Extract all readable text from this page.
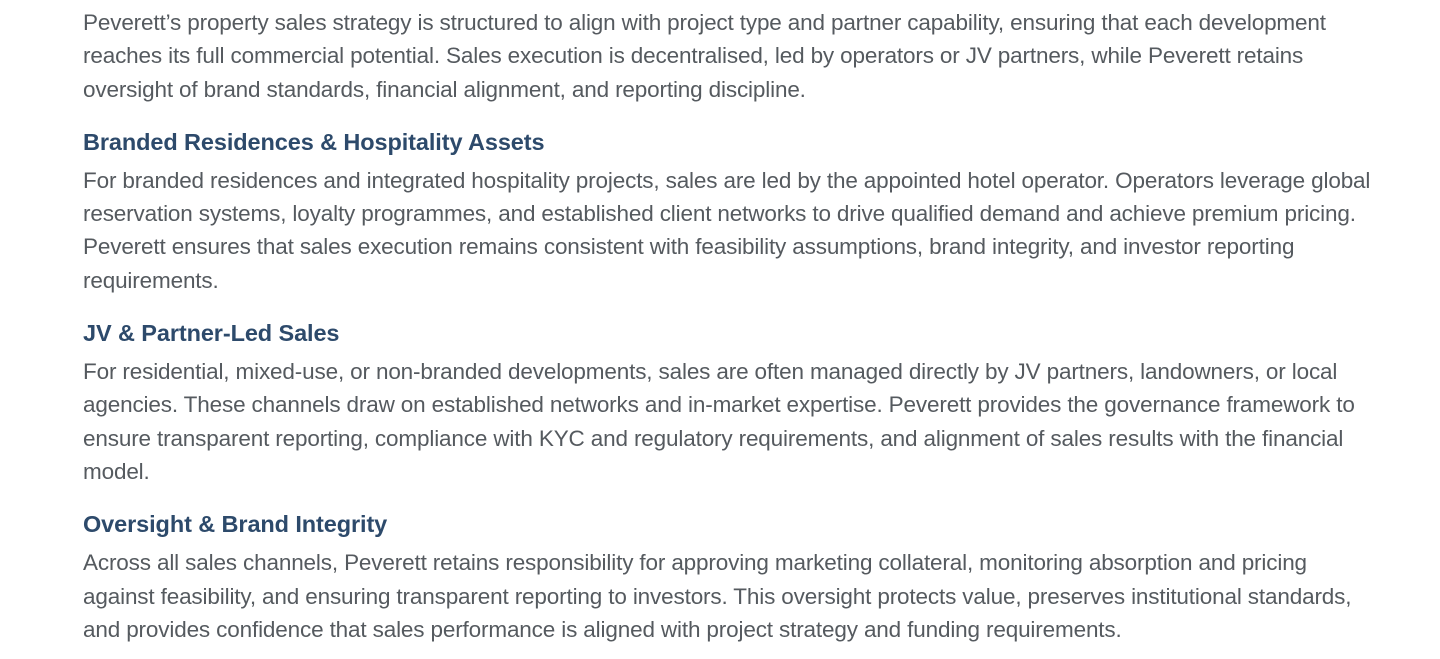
Peverett’s property sales strategy is structured to align with project type and partner capability, ensuring that each development reaches its full commercial potential. Sales execution is decentralised, led by operators or JV partners, while Peverett retains oversight of brand standards, financial alignment, and reporting discipline.

Branded Residences & Hospitality Assets

For branded residences and integrated hospitality projects, sales are led by the appointed hotel operator. Operators leverage global reservation systems, loyalty programmes, and established client networks to drive qualified demand and achieve premium pricing. Peverett ensures that sales execution remains consistent with feasibility assumptions, brand integrity, and investor reporting requirements.

JV & Partner-Led Sales

For residential, mixed-use, or non-branded developments, sales are often managed directly by JV partners, landowners, or local agencies. These channels draw on established networks and in-market expertise. Peverett provides the governance framework to ensure transparent reporting, compliance with KYC and regulatory requirements, and alignment of sales results with the financial model.

Oversight & Brand Integrity

Across all sales channels, Peverett retains responsibility for approving marketing collateral, monitoring absorption and pricing against feasibility, and ensuring transparent reporting to investors. This oversight protects value, preserves institutional standards, and provides confidence that sales performance is aligned with project strategy and funding requirements.
